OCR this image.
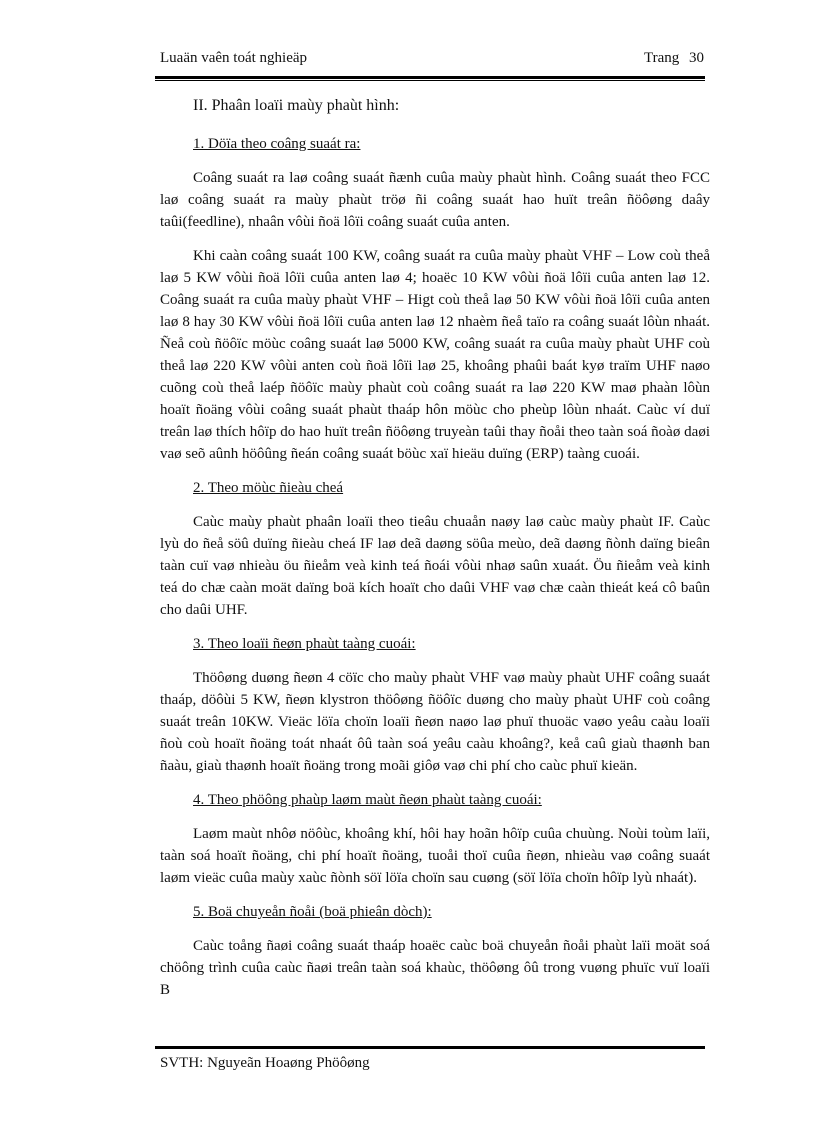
Luaän vaên toát nghieäp	Trang 30
II. Phaân loaïi maùy phaùt hình:
1. Döïa theo coâng suaát ra:

Coâng suaát ra laø coâng suaát ñænh cuûa maùy phaùt hình. Coâng suaát theo FCC laø coâng suaát ra maùy phaùt tröø ñi coâng suaát hao huït treân ñöôøng daây taûi(feedline), nhaân vôùi ñoä lôïi coâng suaát cuûa anten.

Khi caàn coâng suaát 100 KW, coâng suaát ra cuûa maùy phaùt VHF – Low coù theå laø 5 KW vôùi ñoä lôïi cuûa anten laø 4; hoaëc 10 KW vôùi ñoä lôïi cuûa anten laø 12. Coâng suaát ra cuûa maùy phaùt VHF – Higt coù theå laø 50 KW vôùi ñoä lôïi cuûa anten laø 8 hay 30 KW vôùi ñoä lôïi cuûa anten laø 12 nhaèm ñeå taïo ra coâng suaát lôùn nhaát. Ñeå coù ñöôïc möùc coâng suaát laø 5000 KW, coâng suaát ra cuûa maùy phaùt UHF coù theå laø 220 KW vôùi anten coù ñoä lôïi laø 25, khoâng phaûi baát kyø traïm UHF naøo cuõng coù theå laép ñöôïc maùy phaùt coù coâng suaát ra laø 220 KW maø phaàn lôùn hoaït ñoäng vôùi coâng suaát phaùt thaáp hôn möùc cho pheùp lôùn nhaát. Caùc ví duï treân laø thích hôïp do hao huït treân ñöôøng truyeàn taûi thay ñoåi theo taàn soá ñoàø daøi vaø seõ aûnh höôûng ñeán coâng suaát böùc xaï hieäu duïng (ERP) taàng cuoái.

2. Theo möùc ñieàu cheá

Caùc maùy phaùt phaân loaïi theo tieâu chuaån naøy laø caùc maùy phaùt IF. Caùc lyù do ñeå söû duïng ñieàu cheá IF laø deã daøng söûa meùo, deã daøng ñònh daïng bieân taàn cuï vaø nhieàu öu ñieåm veà kinh teá ñoái vôùi nhaø saûn xuaát. Öu ñieåm veà kinh teá do chæ caàn moät daïng boä kích hoaït cho daûi VHF vaø chæ caàn thieát keá cô baûn cho daûi UHF.

3. Theo loaïi ñeøn phaùt taàng cuoái:

Thöôøng duøng ñeøn 4 cöïc cho maùy phaùt VHF vaø maùy phaùt UHF coâng suaát thaáp, döôùi 5 KW, ñeøn klystron thöôøng ñöôïc duøng cho maùy phaùt UHF coù coâng suaát treân 10KW. Vieäc löïa choïn loaïi ñeøn naøo laø phuï thuoäc vaøo yeâu caàu loaïi ñoù coù hoaït ñoäng toát nhaát ôû taàn soá yeâu caàu khoâng?, keå caû giaù thaønh ban ñaàu, giaù thaønh hoaït ñoäng trong moãi giôø vaø chi phí cho caùc phuï kieän.

4. Theo phöông phaùp laøm maùt ñeøn phaùt taàng cuoái:

Laøm maùt nhôø nöôùc, khoâng khí, hôi hay hoãn hôïp cuûa chuùng. Noùi toùm laïi, taàn soá hoaït ñoäng, chi phí hoaït ñoäng, tuoåi thoï cuûa ñeøn, nhieàu vaø coâng suaát laøm vieäc cuûa maùy xaùc ñònh söï löïa choïn sau cuøng (söï löïa choïn hôïp lyù nhaát).

5. Boä chuyeån ñoåi (boä phieân dòch):

Caùc toång ñaøi coâng suaát thaáp hoaëc caùc boä chuyeån ñoåi phaùt laïi moät soá chöông trình cuûa caùc ñaøi treân taàn soá khaùc, thöôøng ôû trong vuøng phuïc vuï loaïi B

SVTH: Nguyeãn Hoaøng Phöôøng
